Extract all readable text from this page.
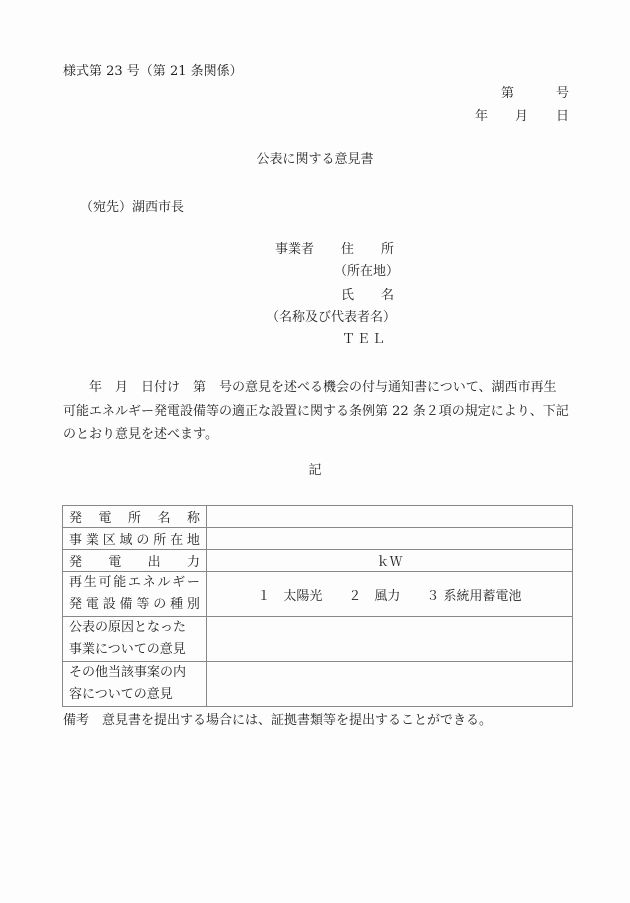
様式第 23 号（第 21 条関係）
第	号
年 月 日
公表に関する意見書
（宛先）湖西市長
事業者 住 所
（所在地）
氏 名
（名称及び代表者名）
ＴＥＬ
年　月　日付け　第　号の意見を述べる機会の付与通知書について、湖西市再生
可能エネルギー発電設備等の適正な設置に関する条例第 22 条２項の規定により、下記
のとおり意見を述べます。
記
発 電 所 名 称	

事 業 区 域 の 所 在 地

発 電 出 力	ｋＷ

再 生 可 能 エ ネ ル ギ ー
発 電 設 備 等 の 種 別
	１　太陽光　　２　風力　　３ 系統用蓄電池

公表の原因となった
事業についての意見	

その他当該事案の内
容についての意見	

備考　意見書を提出する場合には、証拠書類等を提出することができる。
